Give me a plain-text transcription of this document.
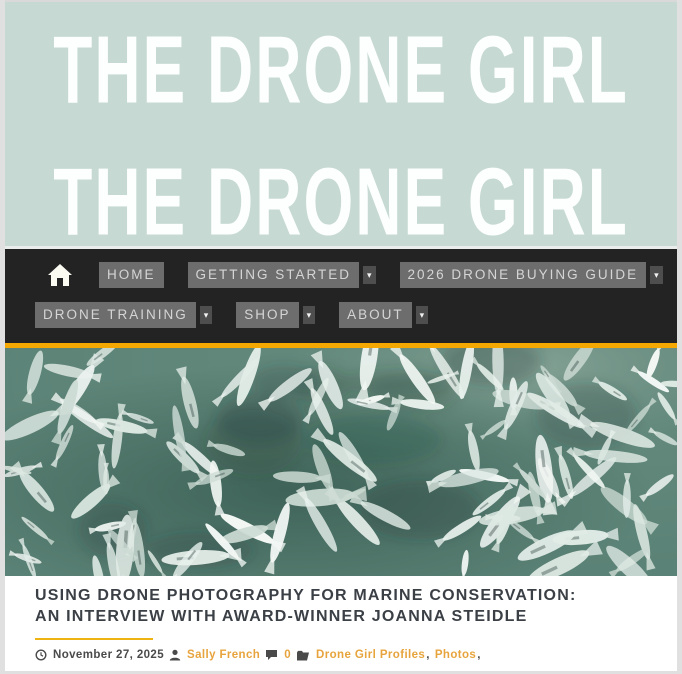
THE DRONE GIRL
THE DRONE GIRL
HOME	GETTING STARTED	▾	2026 DRONE BUYING GUIDE	▾
DRONE TRAINING	▾	SHOP	▾	ABOUT	▾
USING DRONE PHOTOGRAPHY FOR MARINE CONSERVATION: AN INTERVIEW WITH AWARD-WINNER JOANNA STEIDLE
November 27, 2025 Sally French 0 Drone Girl Profiles , Photos ,
